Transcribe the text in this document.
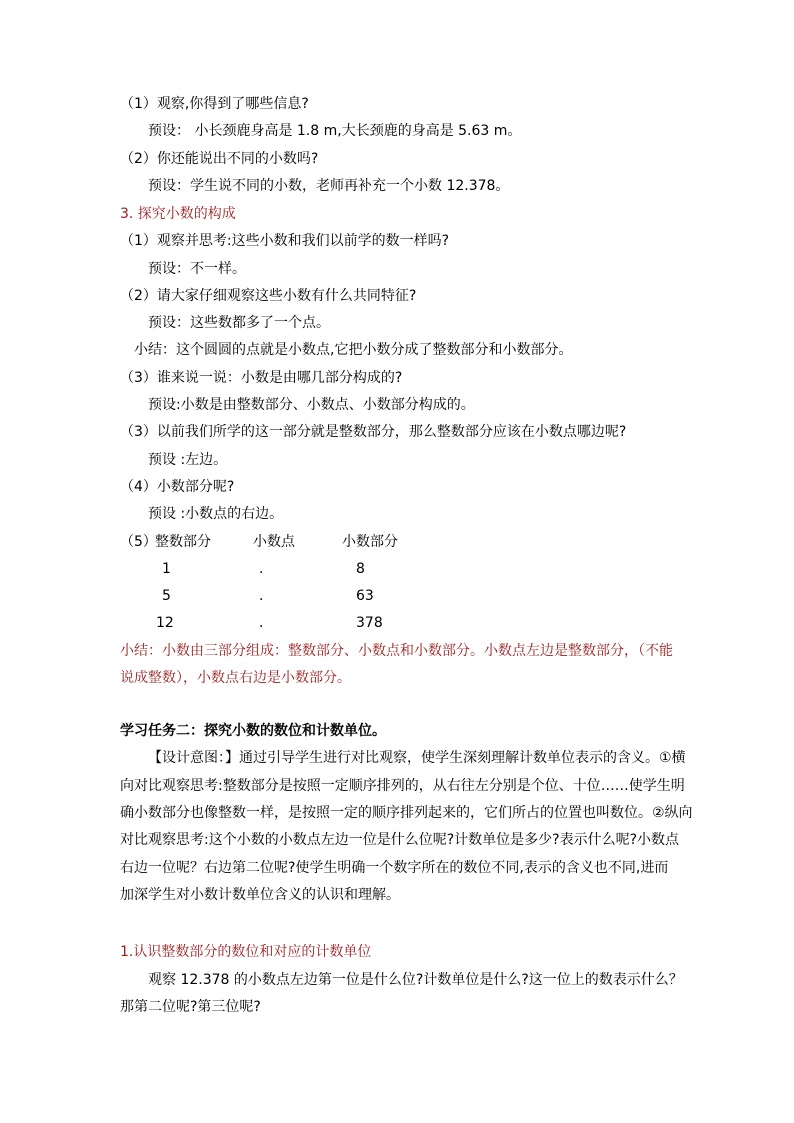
（1）观察,你得到了哪些信息?
预设： 小长颈鹿身高是 1.8 m,大长颈鹿的身高是 5.63 m。
（2）你还能说出不同的小数吗?
预设：学生说不同的小数，老师再补充一个小数 12.378。
3. 探究小数的构成
（1）观察并思考:这些小数和我们以前学的数一样吗?
预设：不一样。
（2）请大家仔细观察这些小数有什么共同特征?
预设：这些数都多了一个点。
小结：这个圆圆的点就是小数点,它把小数分成了整数部分和小数部分。
（3）谁来说一说：小数是由哪几部分构成的?
预设:小数是由整数部分、小数点、小数部分构成的。
（3）以前我们所学的这一部分就是整数部分，那么整数部分应该在小数点哪边呢?
预设 :左边。
（4）小数部分呢?
预设 :小数点的右边。
（5）
整数部分	小数点	小数部分
1	.	8
5	.	63
12	.	378
小结：小数由三部分组成：整数部分、小数点和小数部分。小数点左边是整数部分，（不能
说成整数），小数点右边是小数部分。
学习任务二：探究小数的数位和计数单位。
【设计意图：】通过引导学生进行对比观察，使学生深刻理解计数单位表示的含义。①横
向对比观察思考:整数部分是按照一定顺序排列的，从右往左分别是个位、十位……使学生明
确小数部分也像整数一样，是按照一定的顺序排列起来的，它们所占的位置也叫数位。②纵向
对比观察思考:这个小数的小数点左边一位是什么位呢?计数单位是多少?表示什么呢?小数点
右边一位呢？右边第二位呢?使学生明确一个数字所在的数位不同,表示的含义也不同,进而
加深学生对小数计数单位含义的认识和理解。
1.认识整数部分的数位和对应的计数单位
观察 12.378 的小数点左边第一位是什么位?计数单位是什么?这一位上的数表示什么？
那第二位呢?第三位呢?
